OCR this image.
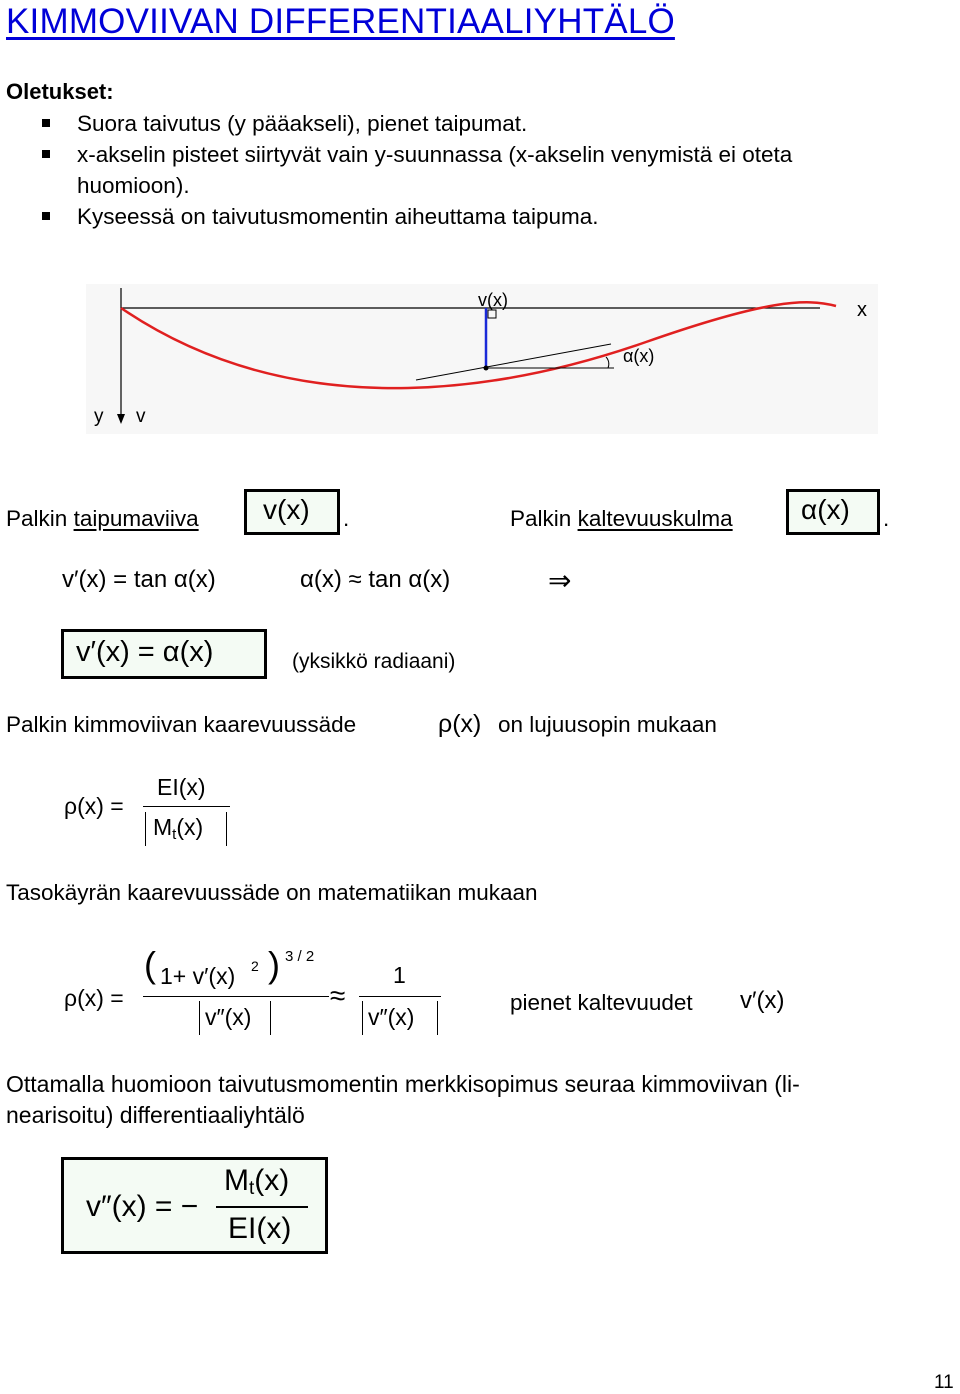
KIMMOVIIVAN DIFFERENTIAALIYHTÄLÖ
Oletukset:
Suora taivutus (y pääakseli), pienet taipumat.
x-akselin pisteet siirtyvät vain y-suunnassa (x-akselin venymistä ei oteta
huomioon).
Kyseessä on taivutusmomentin aiheuttama taipuma.
v(x)	x
α(x)
y v
Palkin taipumaviiva v(x) .	Palkin kaltevuuskulma α(x) .
v′(x) = tan α(x)	α(x) ≈ tan α(x)	⇒
v′(x) = α(x)	(yksikkö radiaani)
Palkin kimmoviivan kaarevuussäde	ρ(x) on lujuusopin mukaan
ρ(x) =
EI(x)
$M_t(x)$
Tasokäyrän kaarevuussäde on matematiikan mukaan
ρ(x) =
( 1+ v′(x) 2 ) 3 / 2
v″(x)
≈
1
v″(x)
pienet kaltevuudet v′(x)
Ottamalla huomioon taivutusmomentin merkkisopimus seuraa kimmoviivan (li-
nearisoitu) differentiaaliyhtälö
v″(x) = −
$M_t(x)$
EI(x)
11
